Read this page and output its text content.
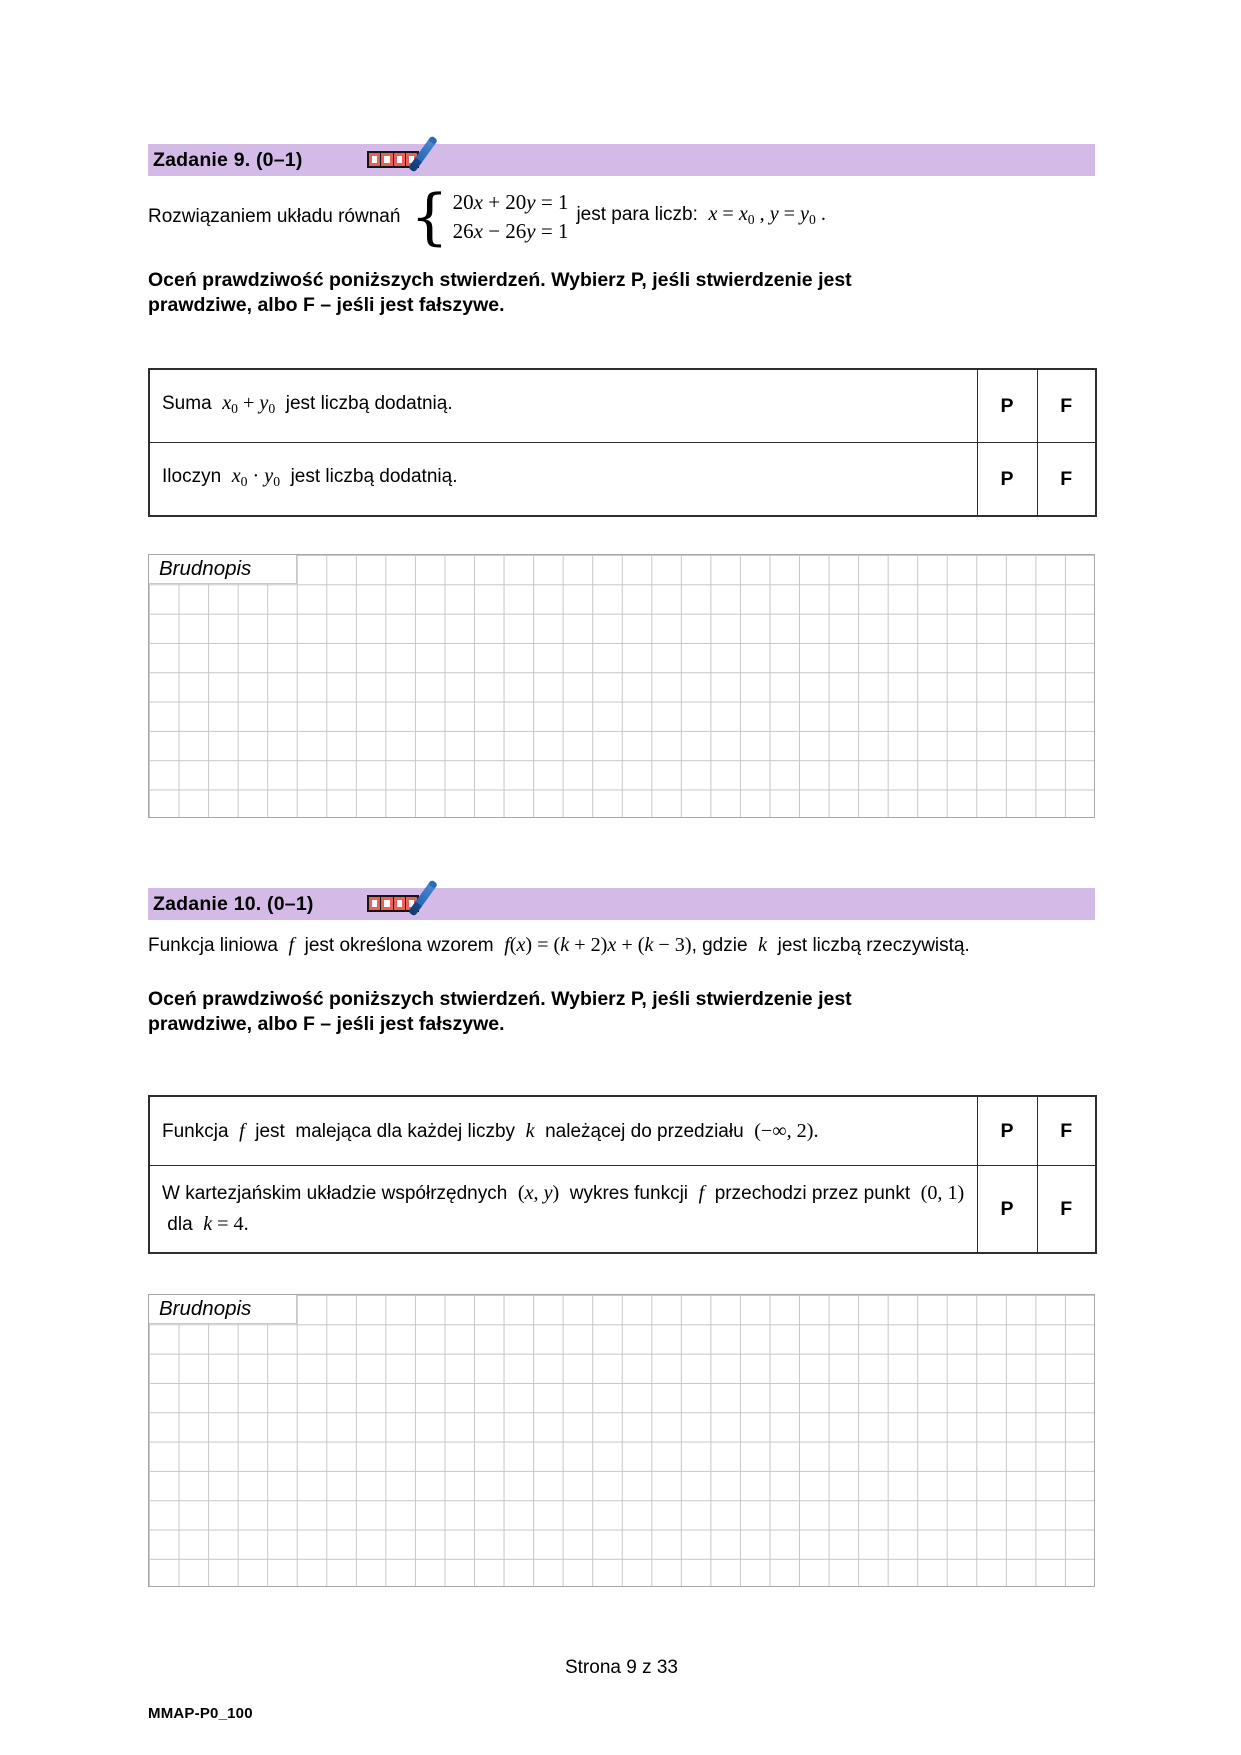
Zadanie 9. (0–1)
Rozwiązaniem układu równań { 20x + 20y = 1
26x − 26y = 1
jest para liczb:  $x = x_0$ , $y = y_0$ .
Oceń prawdziwość poniższych stwierdzeń. Wybierz P, jeśli stwierdzenie jest
prawdziwe, albo F – jeśli jest fałszywe.
Suma  $x_0 + y_0$  jest liczbą dodatnią.	P	F
Iloczyn  $x_0 \cdot y_0$  jest liczbą dodatnią.	P	F
Brudnopis
Zadanie 10. (0–1)
Funkcja liniowa  f  jest określona wzorem  f(x) = (k + 2)x + (k − 3), gdzie  k  jest liczbą rzeczywistą.
Oceń prawdziwość poniższych stwierdzeń. Wybierz P, jeśli stwierdzenie jest
prawdziwe, albo F – jeśli jest fałszywe.
Funkcja  f  jest  malejąca dla każdej liczby  k  należącej do przedziału  (−∞, 2).	P	F
W kartezjańskim układzie współrzędnych  (x, y)  wykres funkcji  f  przechodzi przez punkt  (0, 1)  dla  k = 4.	P	F
Brudnopis
Strona 9 z 33
MMAP-P0_100
